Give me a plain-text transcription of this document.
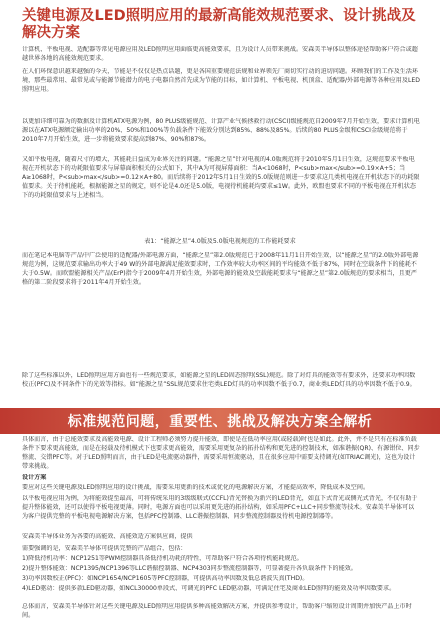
关键电源及LED照明应用的最新高能效规范要求、设计挑战及解决方案
计算机、平板电视、适配器等常见电源应用及LED照明应用面临更高能效要求，且为设计人员带来挑战。安森美半导体以整体途径帮助客户符合或超越世界各地的高能效规范要求。
在人们环保意识越来越强的今天，节能是不仅仅是热点话题，更是各国重要规范法规和业界领先厂商切实行动的迫切问题。环顾我们的工作及生活环境，那些最常用、最常见或与能源节能潜力的电子电器自然首先成为节能的目标，如计算机、平板电视、机顶盒、适配器/外部电源等各种应用及LED照明应用。
以更加详细可靠为的数据及计算机ATX电源为例，80 PLUS级能规范、计算产业气候拯救行动(CSCI)级能规范自2009年7月开始生效，要求计算机电源以在ATX电源额定输出功率的20%、50%和100%等负载条件下能效分别达到85%、88%及85%。后续的80 PLUS金级和CSCI金级规范将于2010年7月开始生效，进一步将能效要求提高到87%、90%和87%。
又如平板电视，随着尺寸的增大，其能耗日益成为业界关注的问题。“能源之星”针对电视的4.0版规范将于2010年5月1日生效，这规范要求平板电视在开机状态下的功耗限值要求与屏幕面积相关的公式如下，其中A为可视屏幕面积：当A<1068时，P<sub>max</sub>=0.19×A+5；当A≥1068时，P<sub>max</sub>=0.12×A+80。而后续将于2012年5月1日生效的5.0版规范则进一步要求这几类机电视在开机状态下的功耗限值要求。关于待机能耗，根据能源之星的规定，则不论是4.0还是5.0版，电视待机能耗均要求≤1W。此外，欧盟也要求不同的平板电视在开机状态下的功耗限值要求与上述相当。
表1：“能源之星”4.0版及5.0版电视规范的工作能耗要求
而在笔记本电脑等产品中广泛使用的适配器/外部电源方面，“能源之星”第2.0版规范已于2008年11月1日开始生效，以“能源之星”的2.0版外部电源规范为例，这规范要求输出功率大于49 W的外部电源满足能效要求时，工作效率较大功率区间的平均能效不低于87%，同时在空载条件下的能耗不大于0.5W。而欧盟能源相关产品(ErP)指令于2009年4月开始生效，外部电源的能效及空载能耗要求与“能源之星”第2.0版规范的要求相当，且更严格的第二阶段要求将于2011年4月开始生效。
除了这些标准以外，LED照明应用方面也有一些规范要求，如能源之星的LED固态照明(SSL)规范。除了对灯具的能效等有要求外，还要求功率因数校正(PFC)及不同条件下的光效等指标。如“能源之星”SSL规范要求住宅类LED灯具的功率因数不低于0.7，商业类LED灯具的功率因数不低于0.9。
标准规范问题，重要性、挑战及解决方案全解析
具体而言，由于总能效要求及高能效电源、设计工程师必须努力提升能效，即使是在低功率应用(或轻载)时也是如此。此外，并不是只有在标准负载条件下要求更高能效，而是在轻载及待机模式下也要求更高能效，需要采用更复杂的拓扑结构和更先进的控制技术，如准谐振(QR)、有源钳位、同步整流、交错PFC等。对于LED照明而言，由于LED是电流驱动器件，需要采用恒流驱动，且在很多应用中需要支持调光(如TRIAC调光)，这也为设计带来挑战。
设计方案
要应对这些关键电源及LED照明应用的设计挑战，需要采用更新的技术或优化的电源解决方案，才能提高效率，降低成本及空间。
以平板电视应用为例，为将能效提至最高，可将传统采用的3级级联式(CCFL)背光替换为新兴的LED背光，如直下式背光或侧光式背光，不仅有助于提升整体能效，还可以使得平板电视更薄。同时，电源方面也可以采用更先进的拓扑结构，如采用PFC+LLC+同步整流等技术。安森美半导体可以为客户提供完整的平板电视电源解决方案，包括PFC控制器、LLC谐振控制器、同步整流控制器及待机电源控制器等。
安森美半导体业务为各要的高能效、高能效适方案供应商，提供
需要强调的是，安森美半导体可提供完整的产品组合，包括：
1)降低待机功率：NCP1251等PWM控制器具备低待机功耗的特性，可帮助客户符合各项待机能耗规范。
2)提升整体能效：NCP1395/NCP1396等LLC谐振控制器、NCP4303同步整流控制器等，可显著提升各负载条件下的能效。
3)功率因数校正(PFC)：如NCP1654/NCP1605等PFC控制器，可提供高功率因数及低总谐波失真(THD)。
4)LED驱动：提供多款LED驱动器，如NCL30000单段式、可调光的PFC LED驱动器，可满足住宅及商业LED照明的能效及功率因数要求。
总体而言，安森美半导体针对这些关键电源及LED照明应用提供多种高能效解决方案，并提供参考设计，帮助客户缩短设计周期并加快产品上市时间。
